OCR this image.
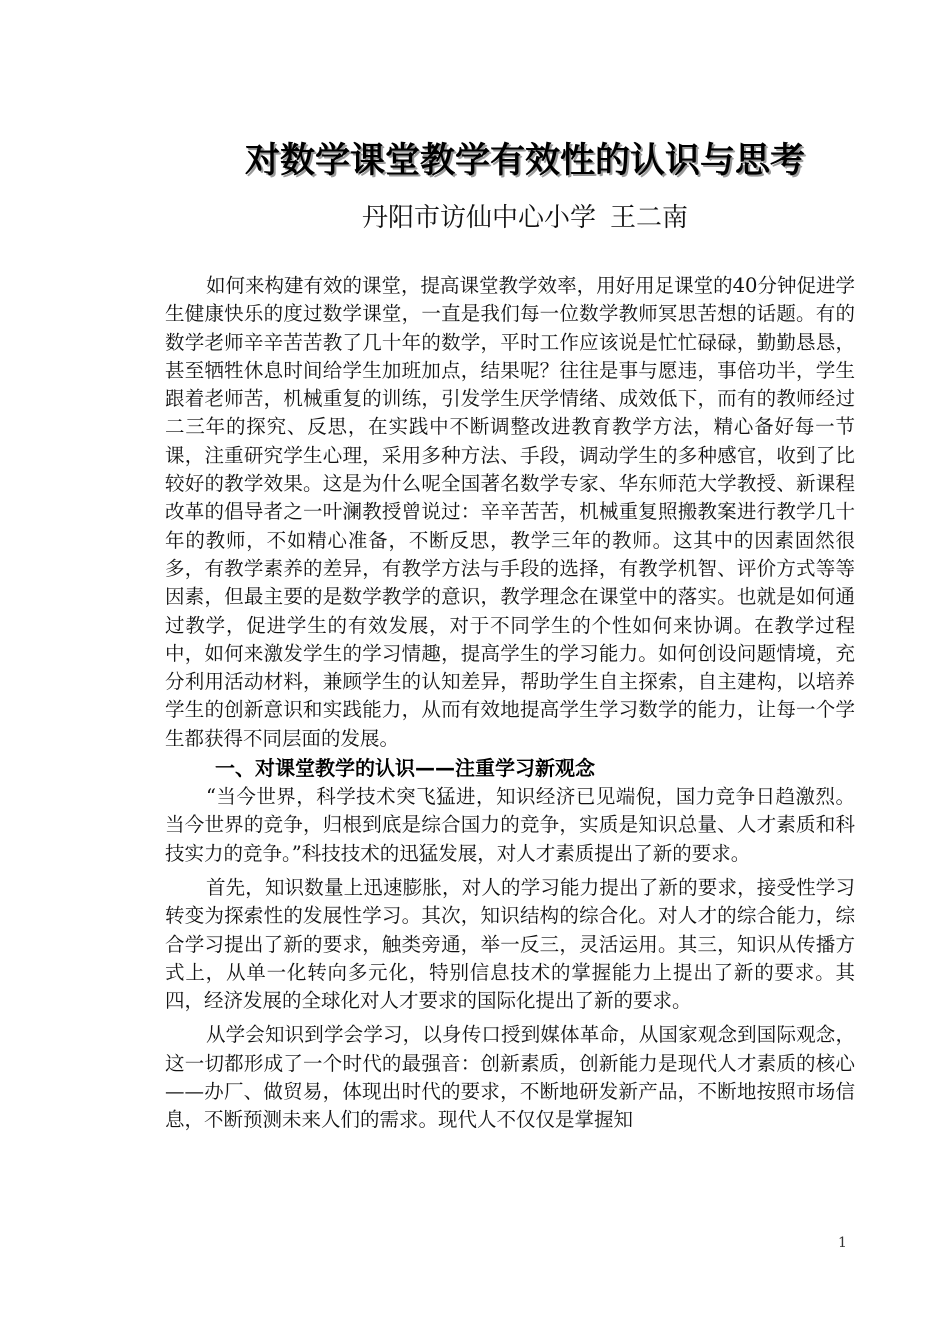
对数学课堂教学有效性的认识与思考
丹阳市访仙中心小学 王二南

如何来构建有效的课堂，提高课堂教学效率，用好用足课堂的40分钟促进学生健康快乐的度过数学课堂，一直是我们每一位数学教师冥思苦想的话题。有的数学老师辛辛苦苦教了几十年的数学，平时工作应该说是忙忙碌碌，勤勤恳恳，甚至牺牲休息时间给学生加班加点，结果呢？往往是事与愿违，事倍功半，学生跟着老师苦，机械重复的训练，引发学生厌学情绪、成效低下，而有的教师经过二三年的探究、反思，在实践中不断调整改进教育教学方法，精心备好每一节课，注重研究学生心理，采用多种方法、手段，调动学生的多种感官，收到了比较好的教学效果。这是为什么呢全国著名数学专家、华东师范大学教授、新课程改革的倡导者之一叶澜教授曾说过：辛辛苦苦，机械重复照搬教案进行教学几十年的教师，不如精心准备，不断反思，教学三年的教师。这其中的因素固然很多，有教学素养的差异，有教学方法与手段的选择，有教学机智、评价方式等等因素，但最主要的是数学教学的意识，教学理念在课堂中的落实。也就是如何通过教学，促进学生的有效发展，对于不同学生的个性如何来协调。在教学过程中，如何来激发学生的学习情趣，提高学生的学习能力。如何创设问题情境，充分利用活动材料，兼顾学生的认知差异，帮助学生自主探索，自主建构，以培养学生的创新意识和实践能力，从而有效地提高学生学习数学的能力，让每一个学生都获得不同层面的发展。

一、对课堂教学的认识——注重学习新观念

“当今世界，科学技术突飞猛进，知识经济已见端倪，国力竞争日趋激烈。当今世界的竞争，归根到底是综合国力的竞争，实质是知识总量、人才素质和科技实力的竞争。”科技技术的迅猛发展，对人才素质提出了新的要求。

首先，知识数量上迅速膨胀，对人的学习能力提出了新的要求，接受性学习转变为探索性的发展性学习。其次，知识结构的综合化。对人才的综合能力，综合学习提出了新的要求，触类旁通，举一反三，灵活运用。其三，知识从传播方式上，从单一化转向多元化，特别信息技术的掌握能力上提出了新的要求。其四，经济发展的全球化对人才要求的国际化提出了新的要求。

从学会知识到学会学习，以身传口授到媒体革命，从国家观念到国际观念，这一切都形成了一个时代的最强音：创新素质，创新能力是现代人才素质的核心——办厂、做贸易，体现出时代的要求，不断地研发新产品，不断地按照市场信息，不断预测未来人们的需求。现代人不仅仅是掌握知

1
